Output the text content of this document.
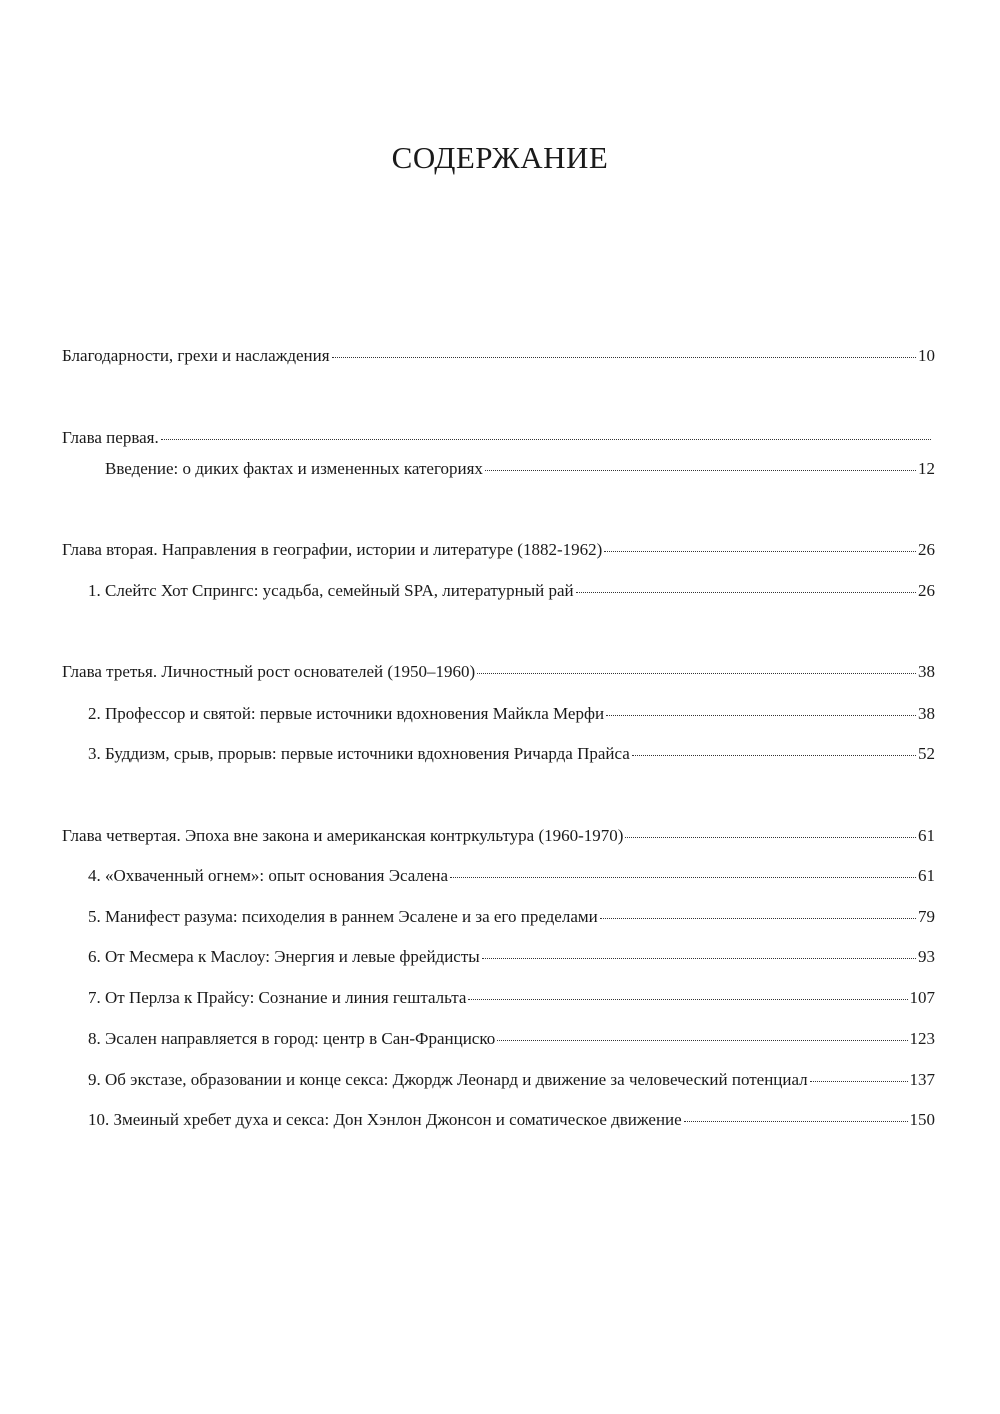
СОДЕРЖАНИЕ
Благодарности, грехи и наслаждения	10
Глава первая.
Введение: о диких фактах и измененных категориях	12
Глава вторая. Направления в географии, истории и литературе (1882-1962)	26
1. Слейтс Хот Спрингс: усадьба, семейный SPA, литературный рай	26
Глава третья. Личностный рост основателей (1950–1960)	38
2. Профессор и святой: первые источники вдохновения Майкла Мерфи	38
3. Буддизм, срыв, прорыв: первые источники вдохновения Ричарда Прайса	52
Глава четвертая. Эпоха вне закона и американская контркультура (1960-1970)	61
4. «Охваченный огнем»: опыт основания Эсалена	61
5. Манифест разума: психоделия в раннем Эсалене и за его пределами	79
6. От Месмера к Маслоу: Энергия и левые фрейдисты	93
7. От Перлза к Прайсу: Сознание и линия гештальта	107
8. Эсален направляется в город: центр в Сан-Франциско	123
9. Об экстазе, образовании и конце секса: Джордж Леонард и движение за человеческий потенциал	137
10. Змеиный хребет духа и секса: Дон Хэнлон Джонсон и соматическое движение	150
